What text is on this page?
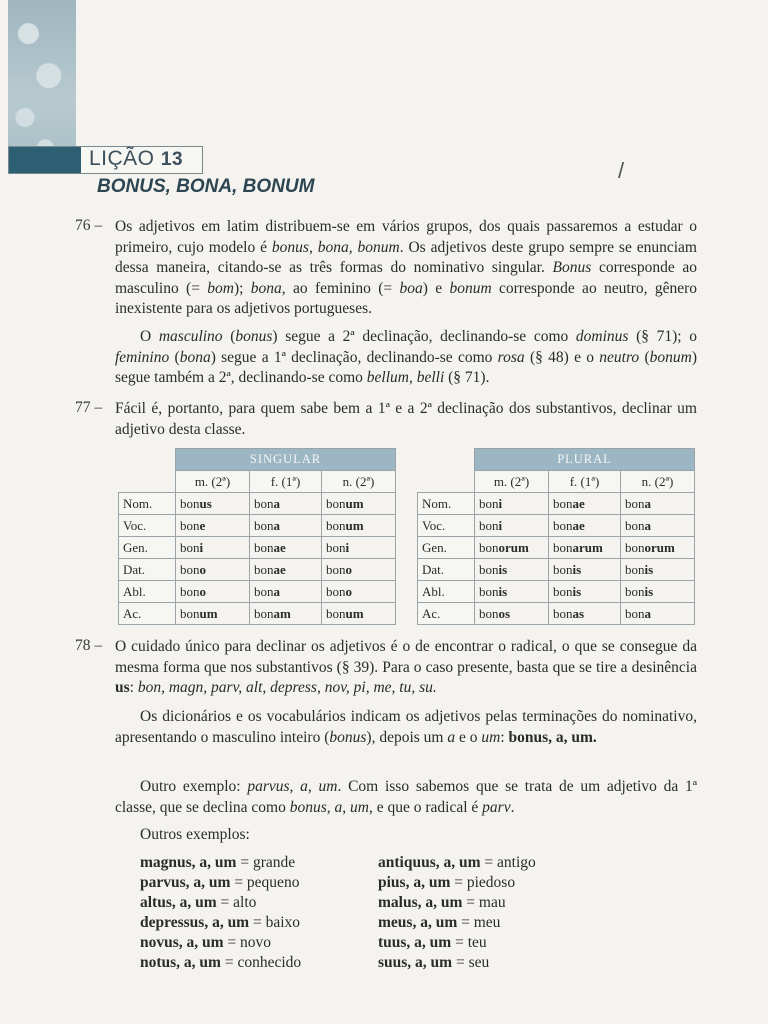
LIÇÃO 13
BONUS, BONA, BONUM
/
76 – Os adjetivos em latim distribuem-se em vários grupos, dos quais passaremos a estudar o primeiro, cujo modelo é bonus, bona, bonum. Os adjetivos deste grupo sempre se enunciam dessa maneira, citando-se as três formas do nominativo singular. Bonus corresponde ao masculino (= bom); bona, ao feminino (= boa) e bonum corresponde ao neutro, gênero inexistente para os adjetivos portugueses.
O masculino (bonus) segue a 2ª declinação, declinando-se como dominus (§ 71); o feminino (bona) segue a 1ª declinação, declinando-se como rosa (§ 48) e o neutro (bonum) segue também a 2ª, declinando-se como bellum, belli (§ 71).
77 – Fácil é, portanto, para quem sabe bem a 1ª e a 2ª declinação dos substantivos, declinar um adjetivo desta classe.
	SINGULAR		
	m. (2ª)	f. (1ª)	n. (2ª)
Nom.	bonus	bona	bonum
Voc.	bone	bona	bonum
Gen.	boni	bonae	boni
Dat.	bono	bonae	bono
Abl.	bono	bona	bono
Ac.	bonum	bonam	bonum
	PLURAL		
	m. (2ª)	f. (1ª)	n. (2ª)
Nom.	boni	bonae	bona
Voc.	boni	bonae	bona
Gen.	bonorum	bonarum	bonorum
Dat.	bonis	bonis	bonis
Abl.	bonis	bonis	bonis
Ac.	bonos	bonas	bona
78 – O cuidado único para declinar os adjetivos é o de encontrar o radical, o que se consegue da mesma forma que nos substantivos (§ 39). Para o caso presente, basta que se tire a desinência us: bon, magn, parv, alt, depress, nov, pi, me, tu, su.
Os dicionários e os vocabulários indicam os adjetivos pelas terminações do nominativo, apresentando o masculino inteiro (bonus), depois um a e o um: bonus, a, um.
Outro exemplo: parvus, a, um. Com isso sabemos que se trata de um adjetivo da 1ª classe, que se declina como bonus, a, um, e que o radical é parv.
Outros exemplos:
magnus, a, um = grande
parvus, a, um = pequeno
altus, a, um = alto
depressus, a, um = baixo
novus, a, um = novo
notus, a, um = conhecido
antiquus, a, um = antigo
pius, a, um = piedoso
malus, a, um = mau
meus, a, um = meu
tuus, a, um = teu
suus, a, um = seu
